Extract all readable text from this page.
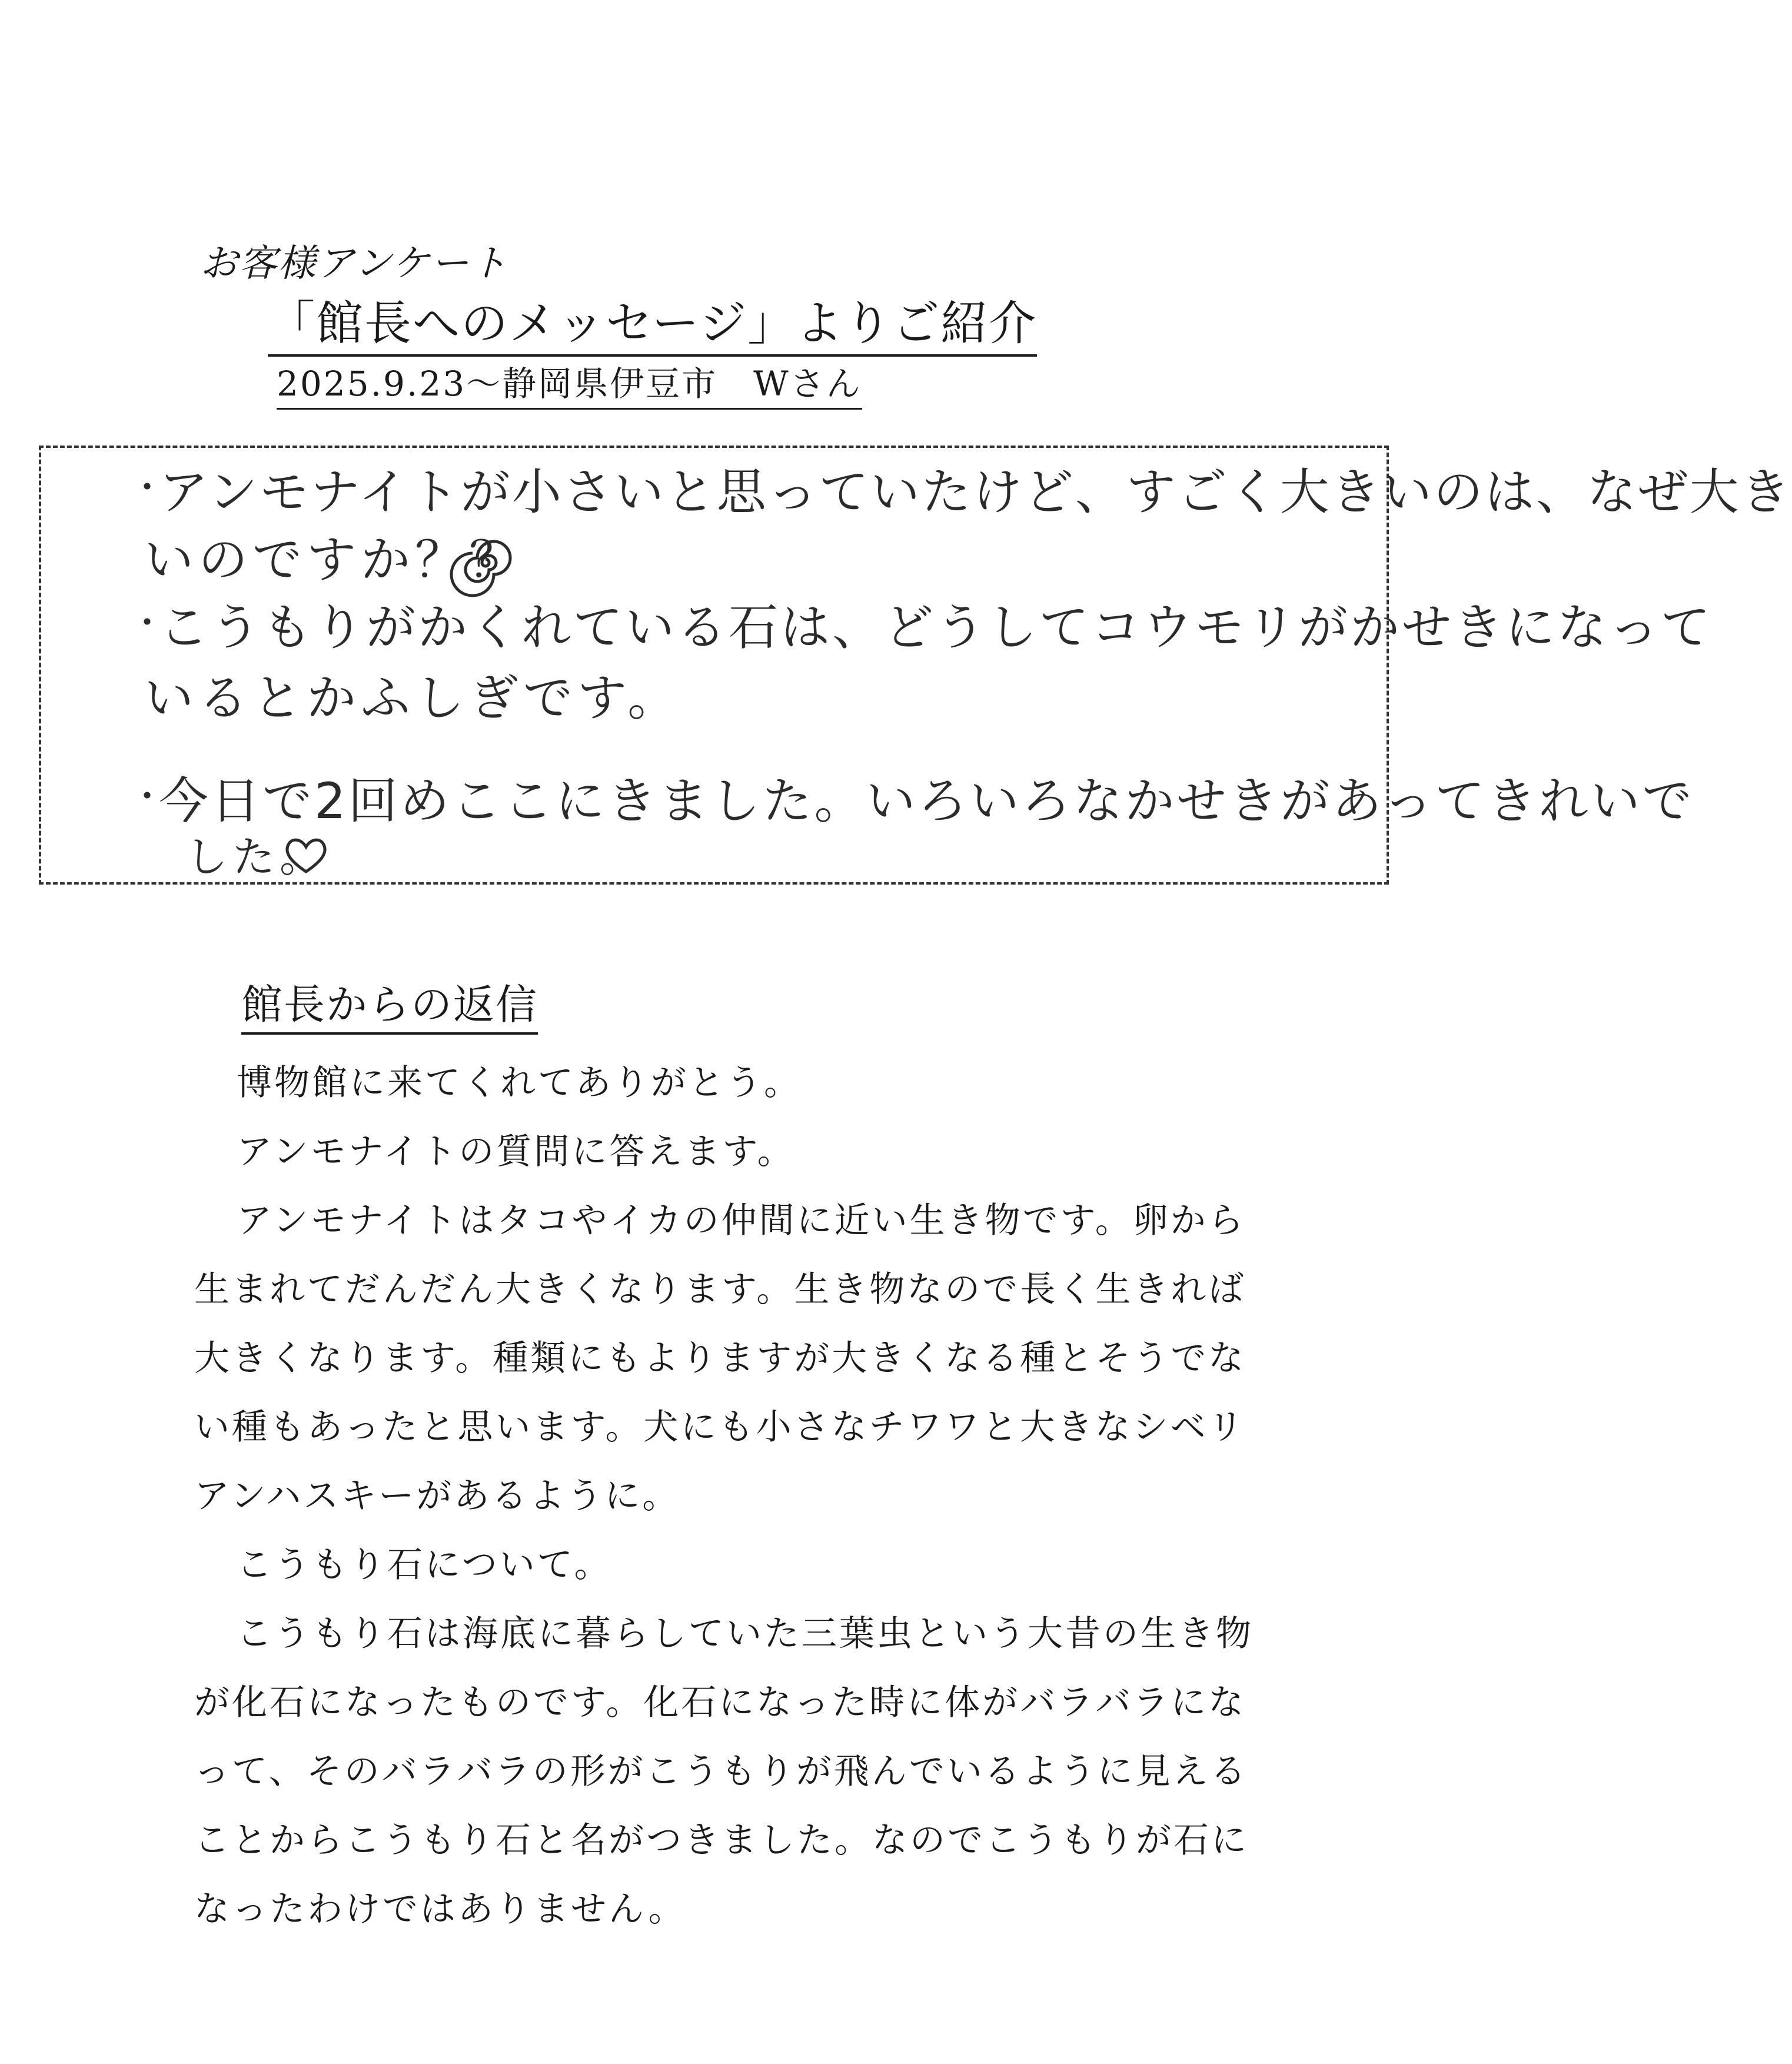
お客様アンケート
「館長へのメッセージ」よりご紹介
2025.9.23～静岡県伊豆市　Wさん
・
アンモナイトが小さいと思っていたけど、すごく大きいのは、なぜ大き
いのですか？？
・
こうもりがかくれている石は、どうしてコウモリがかせきになって
いるとかふしぎです。
・
今日で2回めここにきました。いろいろなかせきがあってきれいで
した。
館長からの返信
博物館に来てくれてありがとう。
アンモナイトの質問に答えます。
アンモナイトはタコやイカの仲間に近い生き物です。卵から
生まれてだんだん大きくなります。生き物なので長く生きれば
大きくなります。種類にもよりますが大きくなる種とそうでな
い種もあったと思います。犬にも小さなチワワと大きなシベリ
アンハスキーがあるように。
こうもり石について。
こうもり石は海底に暮らしていた三葉虫という大昔の生き物
が化石になったものです。化石になった時に体がバラバラにな
って、そのバラバラの形がこうもりが飛んでいるように見える
ことからこうもり石と名がつきました。なのでこうもりが石に
なったわけではありません。
